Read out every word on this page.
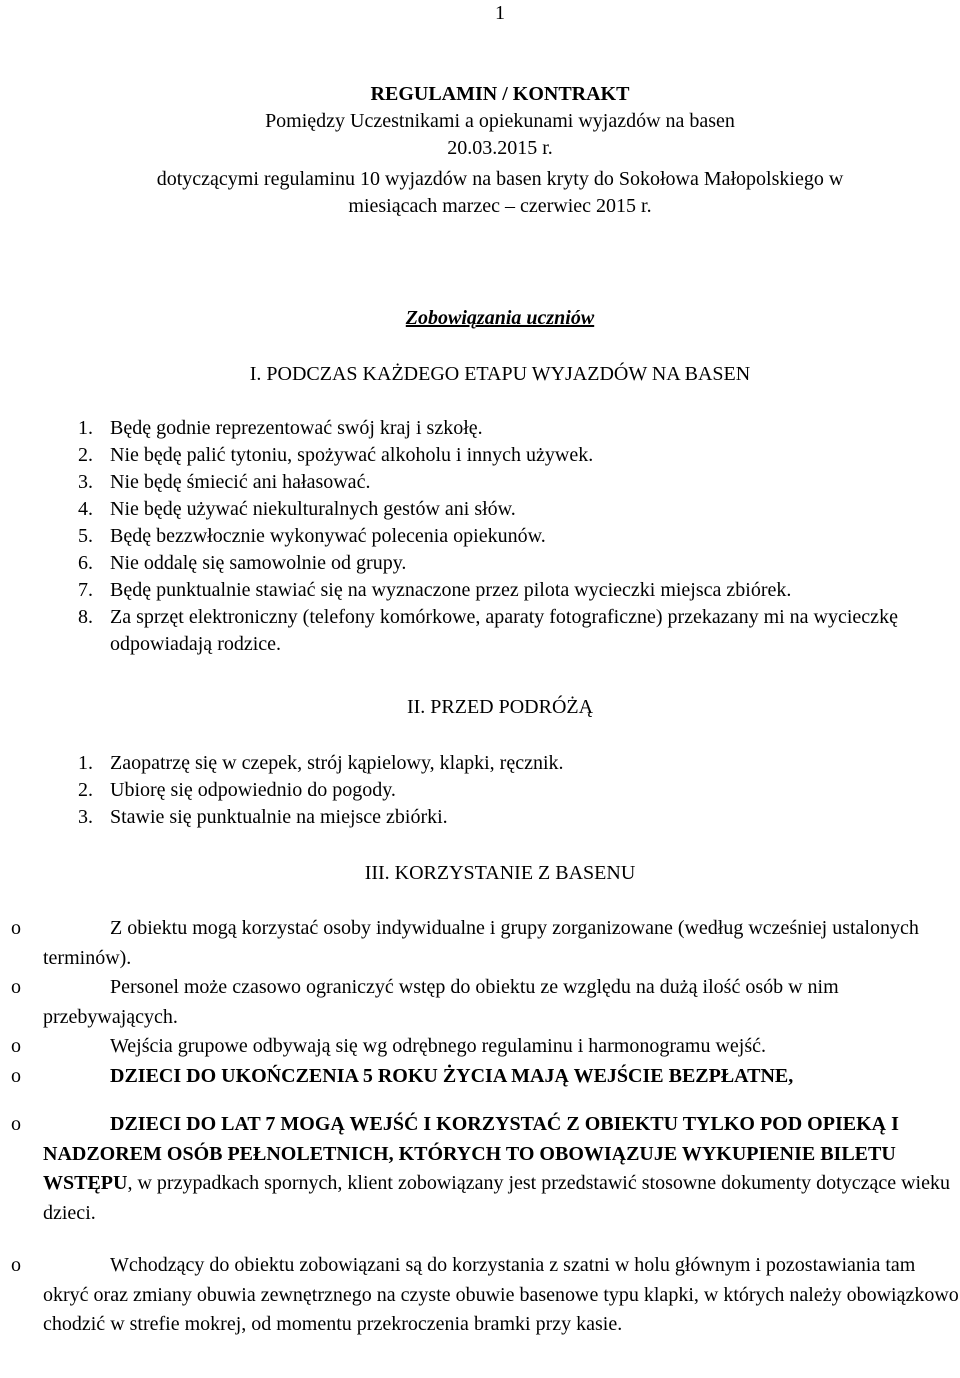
1
REGULAMIN / KONTRAKT
Pomiędzy Uczestnikami a opiekunami wyjazdów na basen
20.03.2015 r.
dotyczącymi regulaminu 10 wyjazdów na basen kryty do Sokołowa Małopolskiego w
miesiącach marzec – czerwiec 2015 r.
Zobowiązania uczniów
I. PODCZAS KAŻDEGO ETAPU WYJAZDÓW NA BASEN
1. Będę godnie reprezentować swój kraj i szkołę.
2. Nie będę palić tytoniu, spożywać alkoholu i innych używek.
3. Nie będę śmiecić ani hałasować.
4. Nie będę używać niekulturalnych gestów ani słów.
5. Będę bezzwłocznie wykonywać polecenia opiekunów.
6. Nie oddalę się samowolnie od grupy.
7. Będę punktualnie stawiać się na wyznaczone przez pilota wycieczki miejsca zbiórek.
8. Za sprzęt elektroniczny (telefony komórkowe, aparaty fotograficzne) przekazany mi na wycieczkę odpowiadają rodzice.
II. PRZED PODRÓŻĄ
1. Zaopatrzę się w czepek, strój kąpielowy, klapki, ręcznik.
2. Ubiorę się odpowiednio do pogody.
3. Stawie się punktualnie na miejsce zbiórki.
III. KORZYSTANIE Z BASENU
o	Z obiektu mogą korzystać osoby indywidualne i grupy zorganizowane (według wcześniej ustalonych terminów).
o	Personel może czasowo ograniczyć wstęp do obiektu ze względu na dużą ilość osób w nim przebywających.
o	Wejścia grupowe odbywają się wg odrębnego regulaminu i harmonogramu wejść.
o	DZIECI DO UKOŃCZENIA 5 ROKU ŻYCIA MAJĄ WEJŚCIE BEZPŁATNE,
o	DZIECI DO LAT 7 MOGĄ WEJŚĆ I KORZYSTAĆ Z OBIEKTU TYLKO POD OPIEKĄ I NADZOREM OSÓB PEŁNOLETNICH, KTÓRYCH TO OBOWIĄZUJE WYKUPIENIE BILETU WSTĘPU, w przypadkach spornych, klient zobowiązany jest przedstawić stosowne dokumenty dotyczące wieku dzieci.
o	Wchodzący do obiektu zobowiązani są do korzystania z szatni w holu głównym i pozostawiania tam okryć oraz zmiany obuwia zewnętrznego na czyste obuwie basenowe typu klapki, w których należy obowiązkowo chodzić w strefie mokrej, od momentu przekroczenia bramki przy kasie.
